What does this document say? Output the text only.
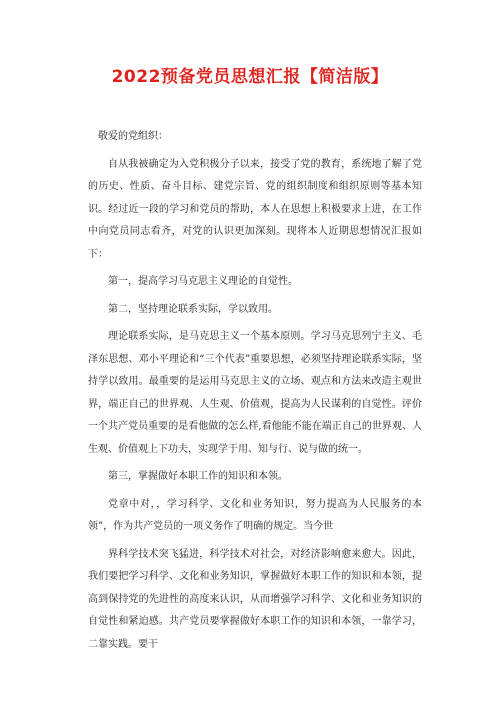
2022预备党员思想汇报【简洁版】

敬爱的党组织：

自从我被确定为入党积极分子以来，接受了党的教育，系统地了解了党的历史、性质、奋斗目标、建党宗旨、党的组织制度和组织原则等基本知识。经过近一段的学习和党员的帮助，本人在思想上积极要求上进，在工作中向党员同志看齐，对党的认识更加深刻。现将本人近期思想情况汇报如下：

第一，提高学习马克思主义理论的自觉性。

第二，坚持理论联系实际，学以致用。

理论联系实际，是马克思主义一个基本原则。学习马克思列宁主义、毛泽东思想、邓小平理论和“三个代表”重要思想，必须坚持理论联系实际，坚持学以致用。最重要的是运用马克思主义的立场、观点和方法来改造主观世界，端正自己的世界观、人生观、价值观，提高为人民谋利的自觉性。评价一个共产党员重要的是看他做的怎么样,看他能不能在端正自己的世界观、人生观、价值观上下功夫，实现学于用、知与行、说与做的统一。

第三，掌握做好本职工作的知识和本领。

党章中对，，学习科学、文化和业务知识，努力提高为人民服务的本领”，作为共产党员的一项义务作了明确的规定。当今世

界科学技术突飞猛进，科学技术对社会，对经济影响愈来愈大。因此，我们要把学习科学、文化和业务知识，掌握做好本职工作的知识和本领，提高到保持党的先进性的高度来认识，从而增强学习科学、文化和业务知识的自觉性和紧迫感。共产党员要掌握做好本职工作的知识和本领，一靠学习，二靠实践。要干
